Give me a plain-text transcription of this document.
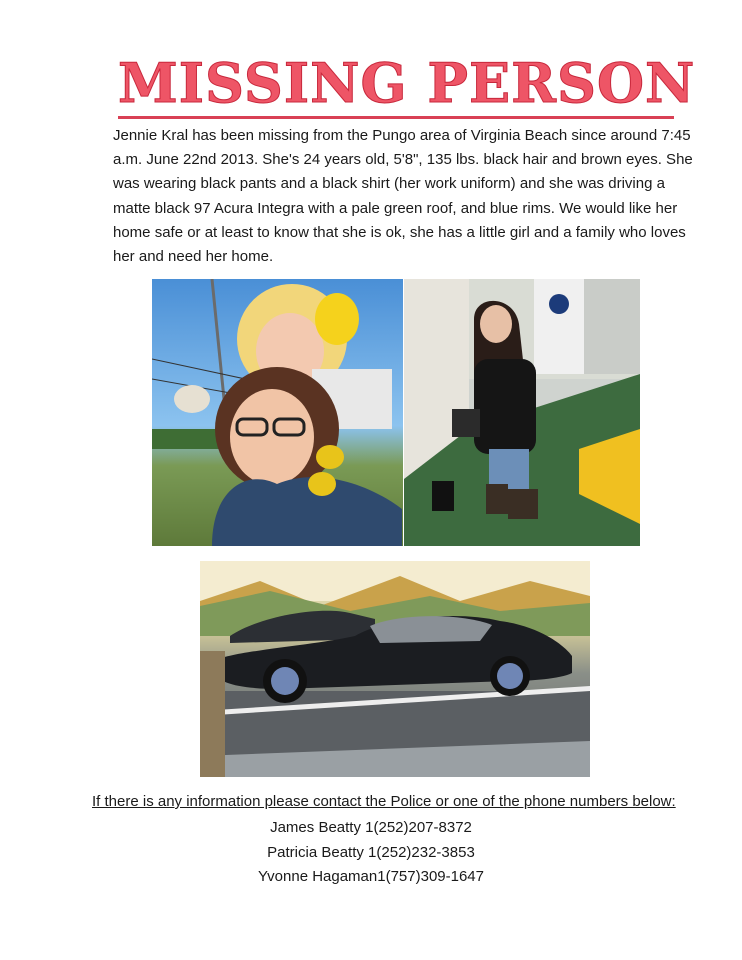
MISSING PERSON

Jennie Kral has been missing from the Pungo area of Virginia Beach since around 7:45 a.m. June 22nd 2013. She's 24 years old, 5'8", 135 lbs. black hair and brown eyes. She was wearing black pants and a black shirt (her work uniform) and she was driving a matte black 97 Acura Integra with a pale green roof, and blue rims. We would like her home safe or at least to know that she is ok, she has a little girl and a family who loves her and need her home.

If there is any information please contact the Police or one of the phone numbers below:

James Beatty 1(252)207-8372

Patricia Beatty 1(252)232-3853

Yvonne Hagaman1(757)309-1647
